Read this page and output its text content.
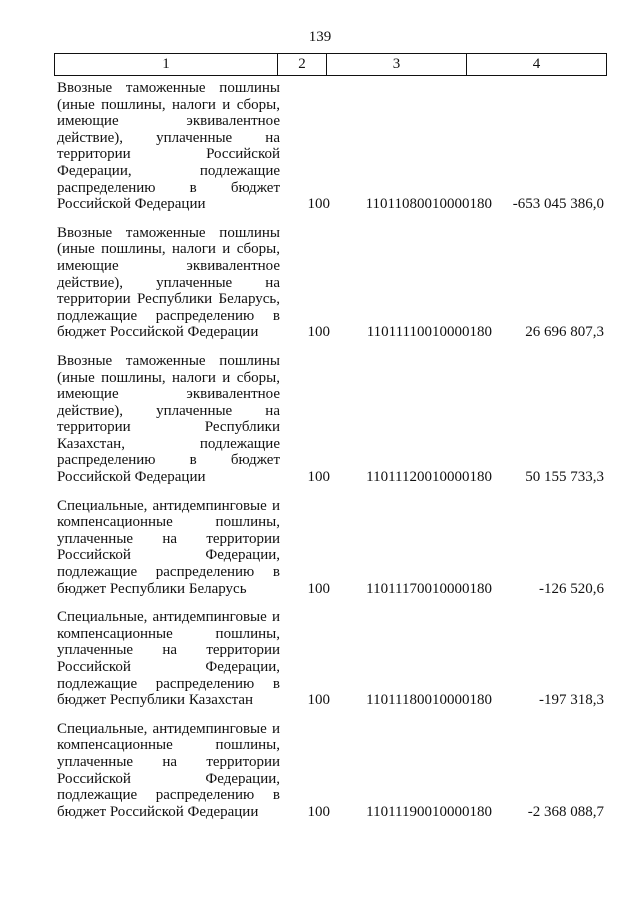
139
1	2	3	4
Ввозные таможенные пошлины
(иные пошлины, налоги и сборы,
имеющие эквивалентное
действие), уплаченные на
территории Российской
Федерации, подлежащие
распределению в бюджет
Российской Федерации	100	11011080010000180	-653 045 386,0
Ввозные таможенные пошлины
(иные пошлины, налоги и сборы,
имеющие эквивалентное
действие), уплаченные на
территории Республики Беларусь,
подлежащие распределению в
бюджет Российской Федерации	100	11011110010000180	26 696 807,3
Ввозные таможенные пошлины
(иные пошлины, налоги и сборы,
имеющие эквивалентное
действие), уплаченные на
территории Республики
Казахстан, подлежащие
распределению в бюджет
Российской Федерации	100	11011120010000180	50 155 733,3
Специальные, антидемпинговые и
компенсационные пошлины,
уплаченные на территории
Российской Федерации,
подлежащие распределению в
бюджет Республики Беларусь	100	11011170010000180	-126 520,6
Специальные, антидемпинговые и
компенсационные пошлины,
уплаченные на территории
Российской Федерации,
подлежащие распределению в
бюджет Республики Казахстан	100	11011180010000180	-197 318,3
Специальные, антидемпинговые и
компенсационные пошлины,
уплаченные на территории
Российской Федерации,
подлежащие распределению в
бюджет Российской Федерации	100	11011190010000180	-2 368 088,7
